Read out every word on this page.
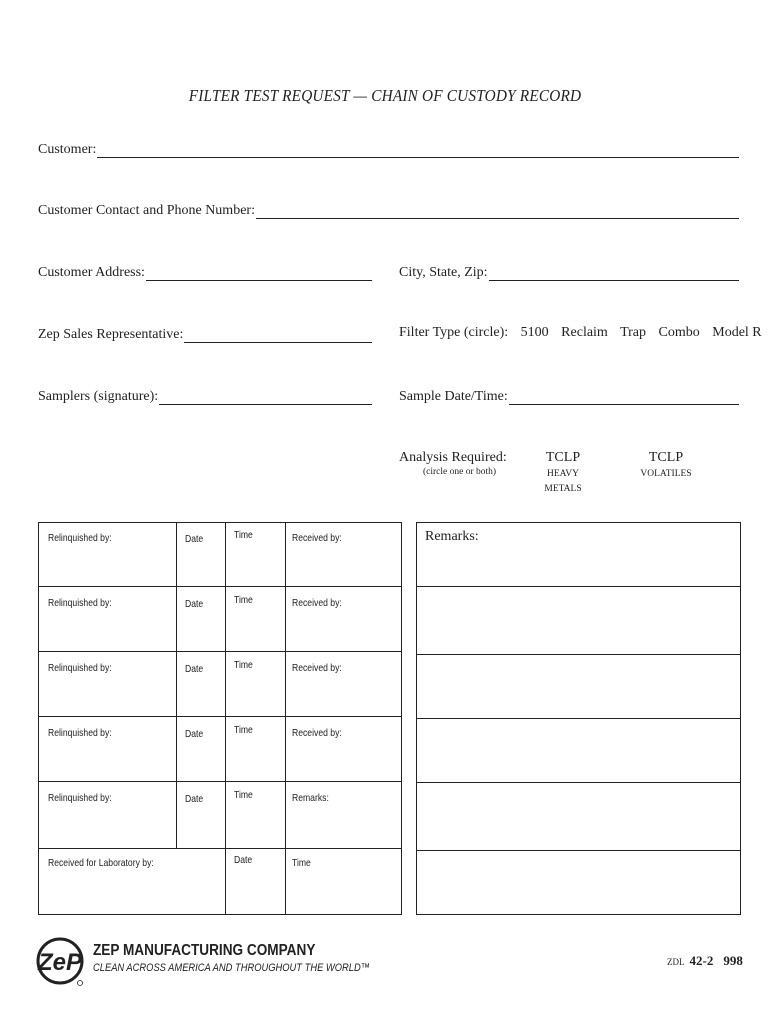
FILTER TEST REQUEST — CHAIN OF CUSTODY RECORD
Customer:
Customer Contact and Phone Number:
Customer Address:	City, State, Zip:
Zep Sales Representative:	Filter Type (circle): 5100 Reclaim Trap Combo Model R
Samplers (signature):	Sample Date/Time:
Analysis Required:
(circle one or both)
TCLP
HEAVY
METALS
TCLP
VOLATILES
Relinquished by:	Date	Time	Received by:
Relinquished by:	Date	Time	Received by:
Relinquished by:	Date	Time	Received by:
Relinquished by:	Date	Time	Received by:
Relinquished by:	Date	Time	Remarks:
Received for Laboratory by:	Date	Time
Remarks:
ZeP ZEP MANUFACTURING COMPANY
CLEAN ACROSS AMERICA AND THROUGHOUT THE WORLD™	ZDL 42-2 998
